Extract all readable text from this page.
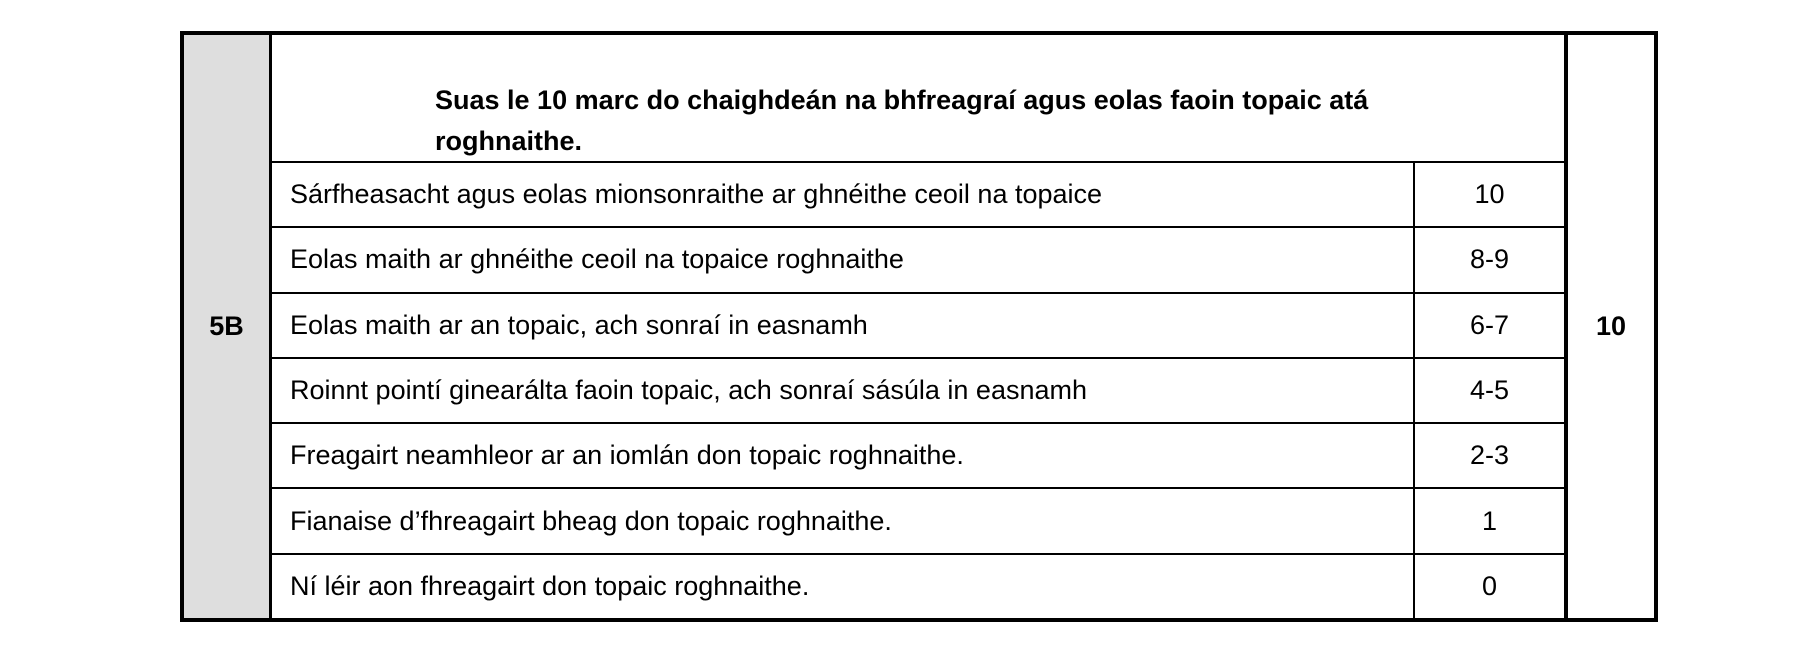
5B
Suas le 10 marc do chaighdeán na bhfreagraí agus eolas faoin topaic atá roghnaithe.
Sárfheasacht agus eolas mionsonraithe ar ghnéithe ceoil na topaice	10
Eolas maith ar ghnéithe ceoil na topaice roghnaithe	8-9
Eolas maith ar an topaic, ach sonraí in easnamh	6-7
Roinnt pointí ginearálta faoin topaic, ach sonraí sásúla in easnamh	4-5
Freagairt neamhleor ar an iomlán don topaic roghnaithe.	2-3
Fianaise d’fhreagairt bheag don topaic roghnaithe.	1
Ní léir aon fhreagairt don topaic roghnaithe.	0
10
